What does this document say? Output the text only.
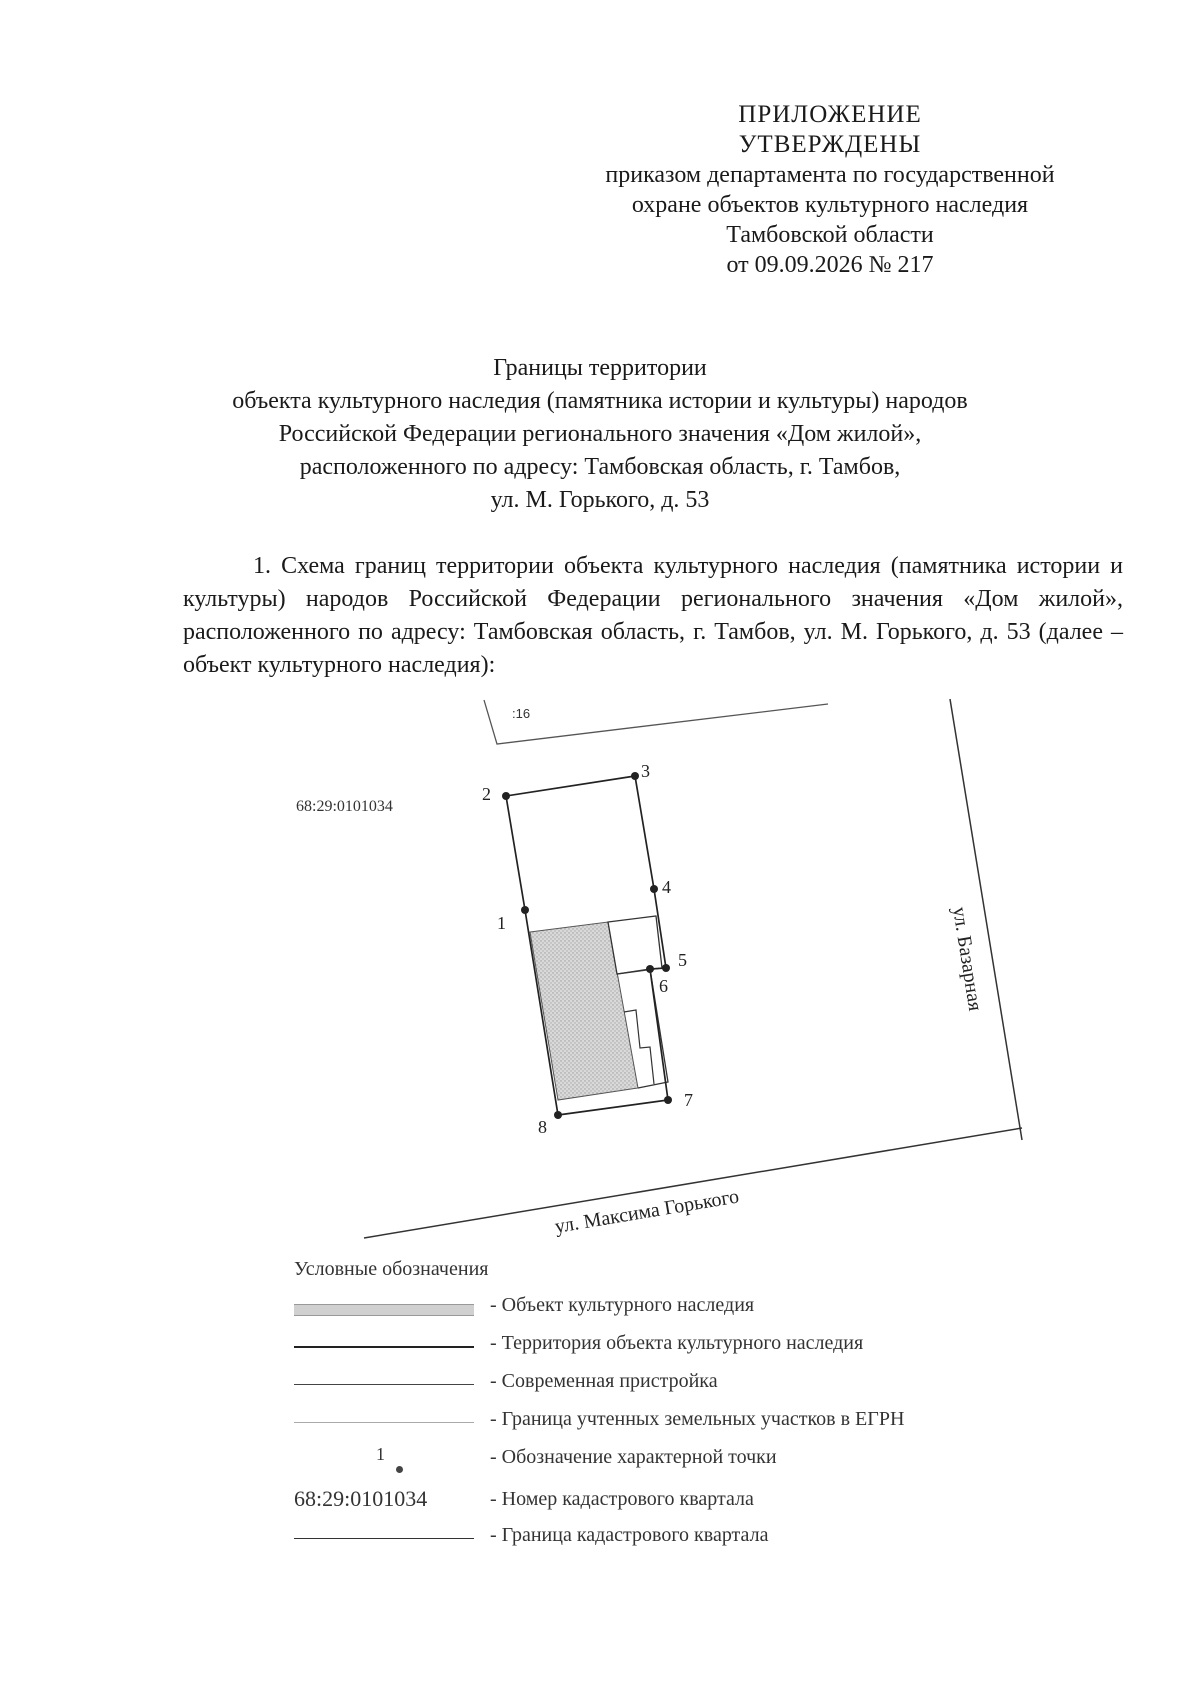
ПРИЛОЖЕНИЕ
УТВЕРЖДЕНЫ
приказом департамента по государственной
охране объектов культурного наследия
Тамбовской области
от 09.09.2026 № 217
Границы территории
объекта культурного наследия (памятника истории и культуры) народов
Российской Федерации регионального значения «Дом жилой»,
расположенного по адресу: Тамбовская область, г. Тамбов,
ул. М. Горького, д. 53
1. Схема границ территории объекта культурного наследия (памятника истории и культуры) народов Российской Федерации регионального значения «Дом жилой», расположенного по адресу: Тамбовская область, г. Тамбов, ул. М. Горького, д. 53 (далее – объект культурного наследия):
:16
68:29:0101034
ул. Базарная
ул. Максима Горького
1
2
3
4
5
6
7
8
Условные обозначения
- Объект культурного наследия
- Территория объекта культурного наследия
- Современная пристройка
- Граница учтенных земельных участков в ЕГРН
1	- Обозначение характерной точки
68:29:0101034	- Номер кадастрового квартала
- Граница кадастрового квартала
